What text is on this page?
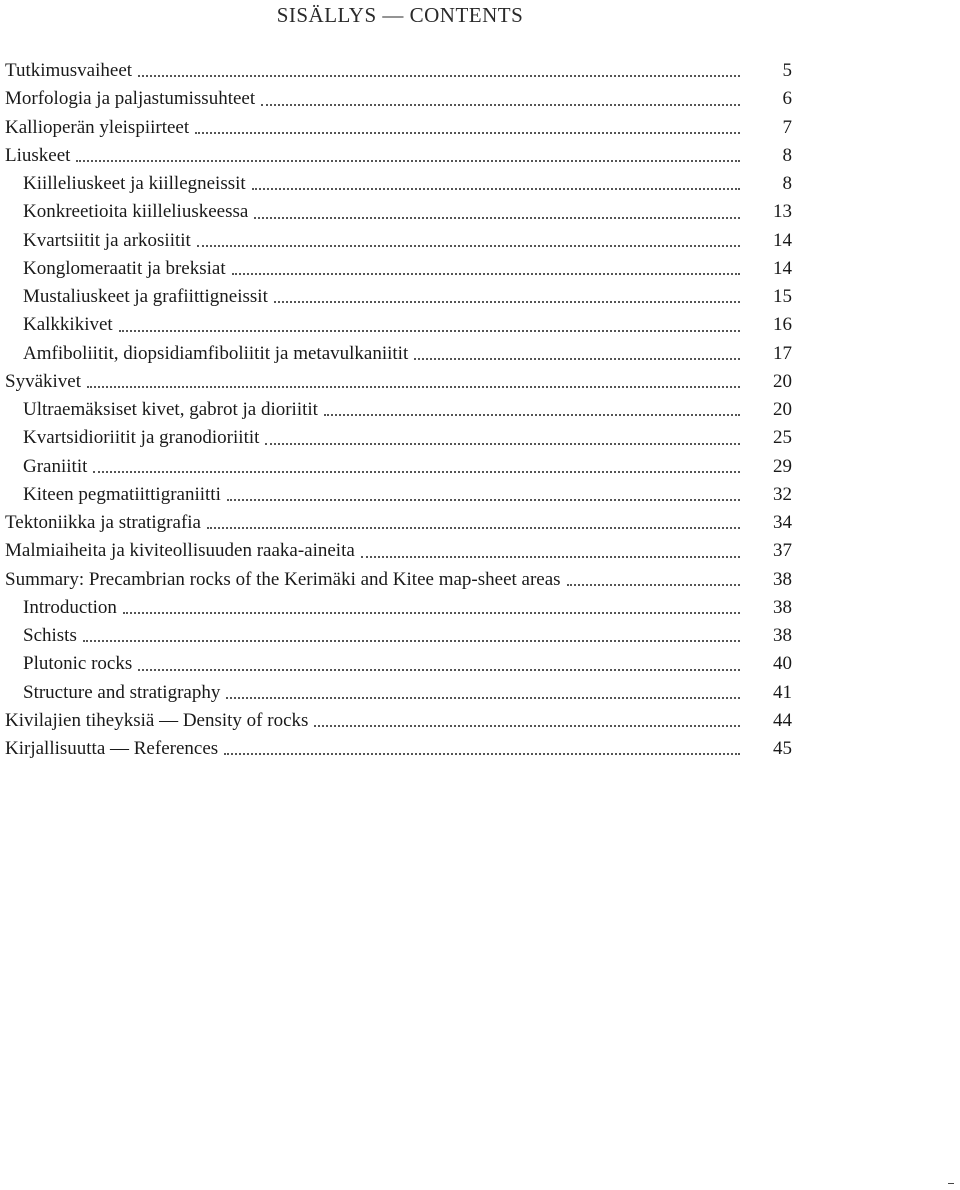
SISÄLLYS — CONTENTS
Tutkimusvaiheet	5
Morfologia ja paljastumissuhteet	6
Kallioperän yleispiirteet	7
Liuskeet	8
Kiilleliuskeet ja kiillegneissit	8
Konkreetioita kiilleliuskeessa	13
Kvartsiitit ja arkosiitit	14
Konglomeraatit ja breksiat	14
Mustaliuskeet ja grafiittigneissit	15
Kalkkikivet	16
Amfiboliitit, diopsidiamfiboliitit ja metavulkaniitit	17
Syväkivet	20
Ultraemäksiset kivet, gabrot ja dioriitit	20
Kvartsidioriitit ja granodioriitit	25
Graniitit	29
Kiteen pegmatiittigraniitti	32
Tektoniikka ja stratigrafia	34
Malmiaiheita ja kiviteollisuuden raaka-aineita	37
Summary: Precambrian rocks of the Kerimäki and Kitee map-sheet areas	38
Introduction	38
Schists	38
Plutonic rocks	40
Structure and stratigraphy	41
Kivilajien tiheyksiä — Density of rocks	44
Kirjallisuutta — References	45
